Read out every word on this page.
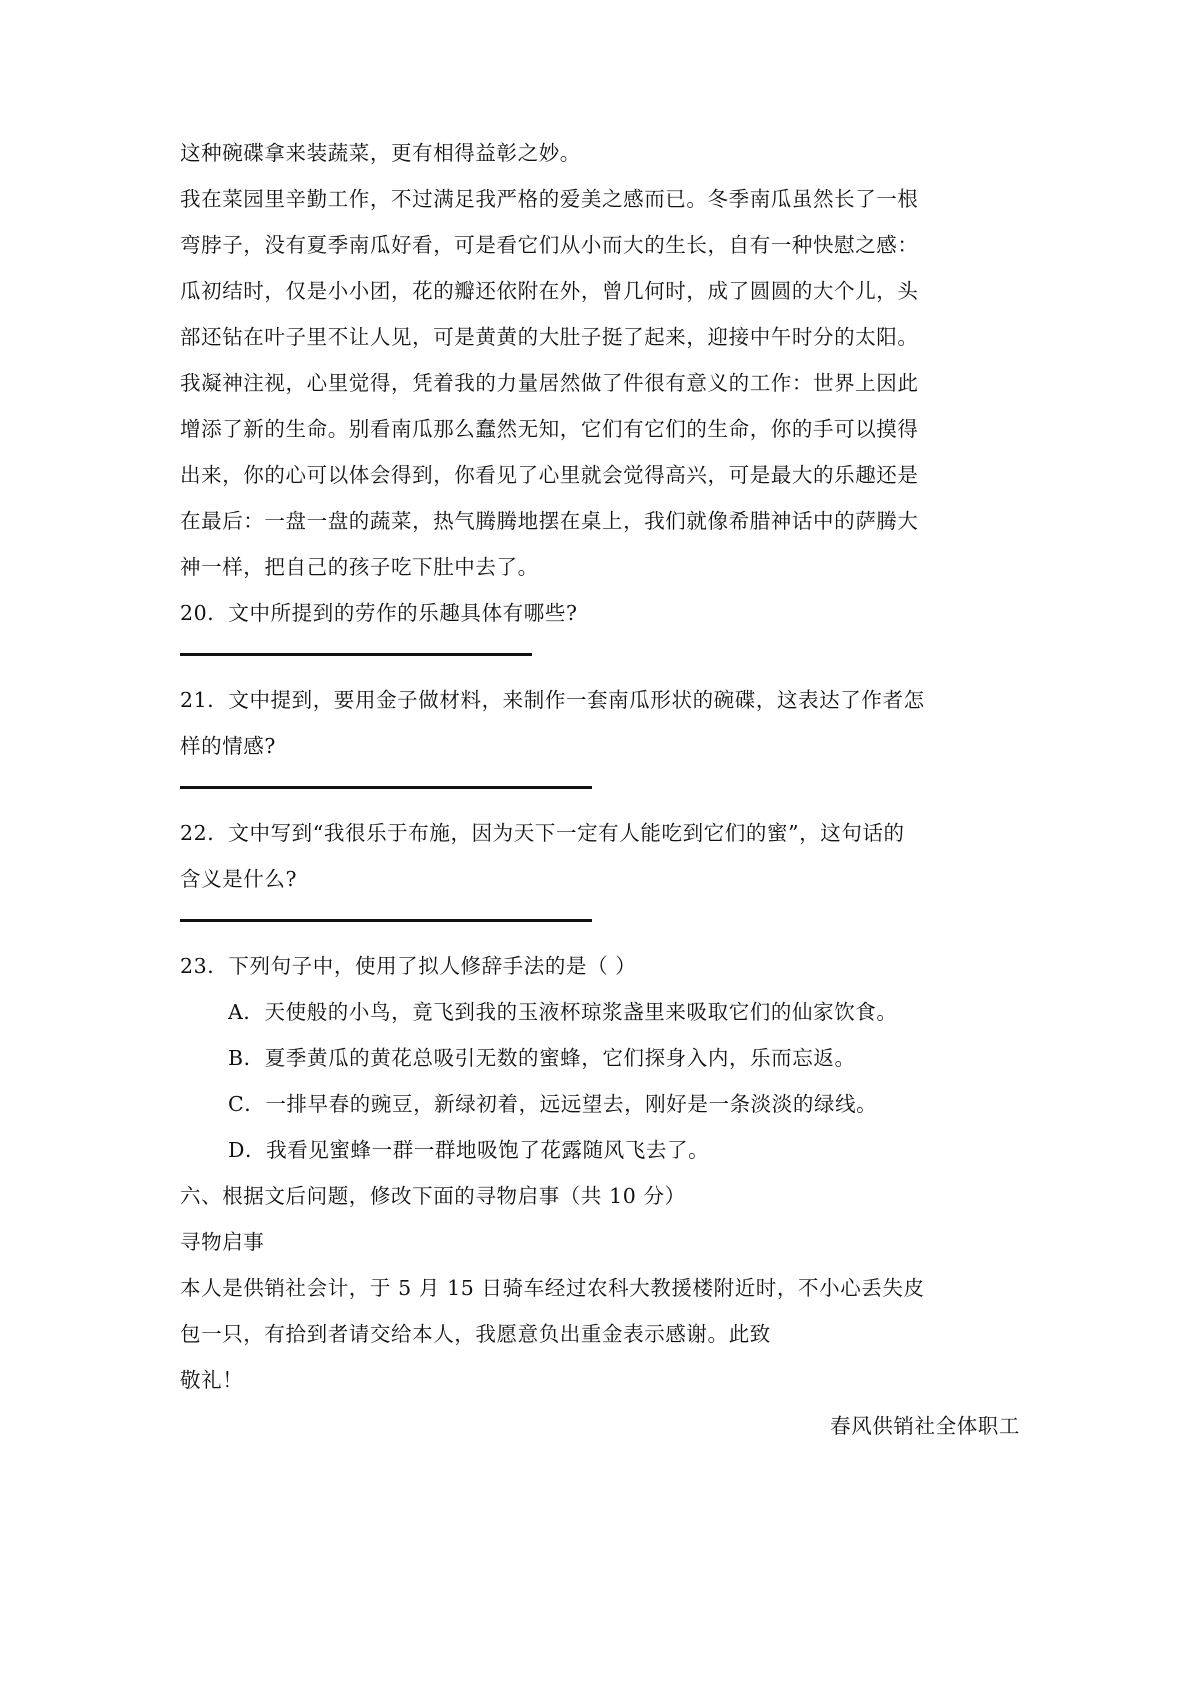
这种碗碟拿来装蔬菜，更有相得益彰之妙。
我在菜园里辛勤工作，不过满足我严格的爱美之感而已。冬季南瓜虽然长了一根
弯脖子，没有夏季南瓜好看，可是看它们从小而大的生长，自有一种快慰之感：
瓜初结时，仅是小小团，花的瓣还依附在外，曾几何时，成了圆圆的大个儿，头
部还钻在叶子里不让人见，可是黄黄的大肚子挺了起来，迎接中午时分的太阳。
我凝神注视，心里觉得，凭着我的力量居然做了件很有意义的工作：世界上因此
增添了新的生命。别看南瓜那么蠢然无知，它们有它们的生命，你的手可以摸得
出来，你的心可以体会得到，你看见了心里就会觉得高兴，可是最大的乐趣还是
在最后：一盘一盘的蔬菜，热气腾腾地摆在桌上，我们就像希腊神话中的萨腾大
神一样，把自己的孩子吃下肚中去了。
20．文中所提到的劳作的乐趣具体有哪些?
21．文中提到，要用金子做材料，来制作一套南瓜形状的碗碟，这表达了作者怎
样的情感?
22．文中写到“我很乐于布施，因为天下一定有人能吃到它们的蜜”，这句话的
含义是什么?
23．下列句子中，使用了拟人修辞手法的是（ ）
A．天使般的小鸟，竟飞到我的玉液杯琼浆盏里来吸取它们的仙家饮食。
B．夏季黄瓜的黄花总吸引无数的蜜蜂，它们探身入内，乐而忘返。
C．一排早春的豌豆，新绿初着，远远望去，刚好是一条淡淡的绿线。
D．我看见蜜蜂一群一群地吸饱了花露随风飞去了。
六、根据文后问题，修改下面的寻物启事（共 10 分）
寻物启事
本人是供销社会计，于 5 月 15 日骑车经过农科大教援楼附近时，不小心丢失皮
包一只，有拾到者请交给本人，我愿意负出重金表示感谢。此致
敬礼！
春风供销社全体职工
